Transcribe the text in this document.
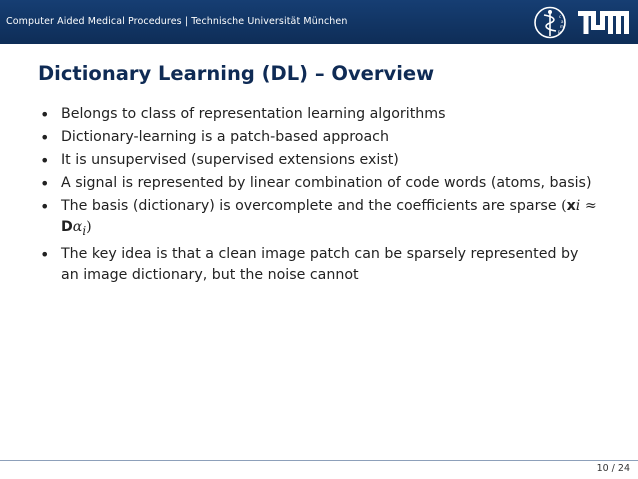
Computer Aided Medical Procedures | Technische Universität München	c
a
m
p
Dictionary Learning (DL) – Overview
• Belongs to class of representation learning algorithms
• Dictionary-learning is a patch-based approach
• It is unsupervised (supervised extensions exist)
• A signal is represented by linear combination of code words (atoms, basis)
• The basis (dictionary) is overcomplete and the coefficients are sparse $(xi \approx D\alpha_i)$
• The key idea is that a clean image patch can be sparsely represented by an image dictionary, but the noise cannot
10 / 24
